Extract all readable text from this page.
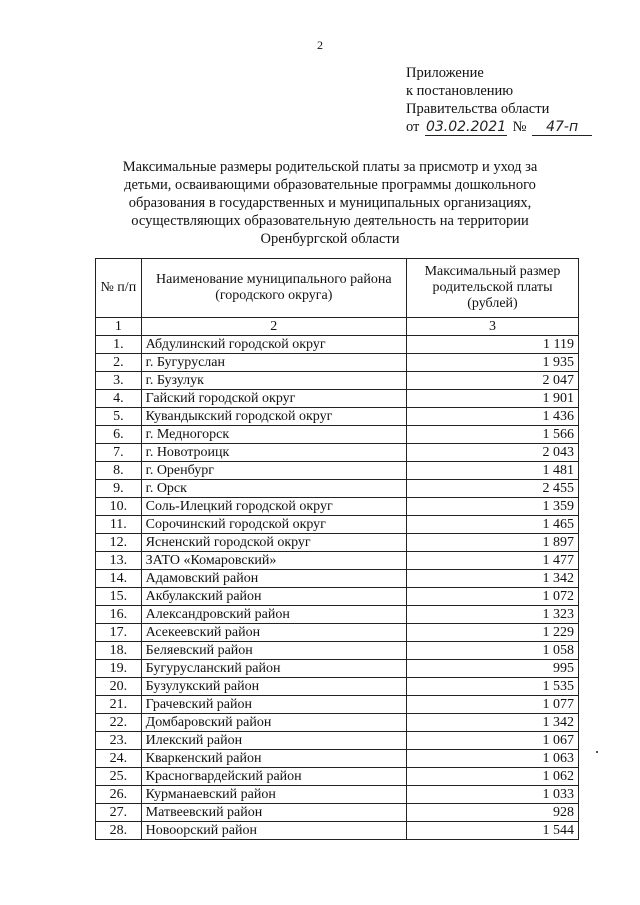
2
Приложение
к постановлению
Правительства области
от 03.02.2021 № 47-п
Максимальные размеры родительской платы за присмотр и уход за детьми, осваивающими образовательные программы дошкольного образования в государственных и муниципальных организациях, осуществляющих образовательную деятельность на территории Оренбургской области
№ п/п	Наименование муниципального района (городского округа)	Максимальный размер родительской платы (рублей)
1	2	3
1.	Абдулинский городской округ	1 119
2.	г. Бугуруслан	1 935
3.	г. Бузулук	2 047
4.	Гайский городской округ	1 901
5.	Кувандыкский городской округ	1 436
6.	г. Медногорск	1 566
7.	г. Новотроицк	2 043
8.	г. Оренбург	1 481
9.	г. Орск	2 455
10.	Соль-Илецкий городской округ	1 359
11.	Сорочинский городской округ	1 465
12.	Ясненский городской округ	1 897
13.	ЗАТО «Комаровский»	1 477
14.	Адамовский район	1 342
15.	Акбулакский район	1 072
16.	Александровский район	1 323
17.	Асекеевский район	1 229
18.	Беляевский район	1 058
19.	Бугурусланский район	995
20.	Бузулукский район	1 535
21.	Грачевский район	1 077
22.	Домбаровский район	1 342
23.	Илекский район	1 067
24.	Кваркенский район	1 063
25.	Красногвардейский район	1 062
26.	Курманаевский район	1 033
27.	Матвеевский район	928
28.	Новоорский район	1 544
